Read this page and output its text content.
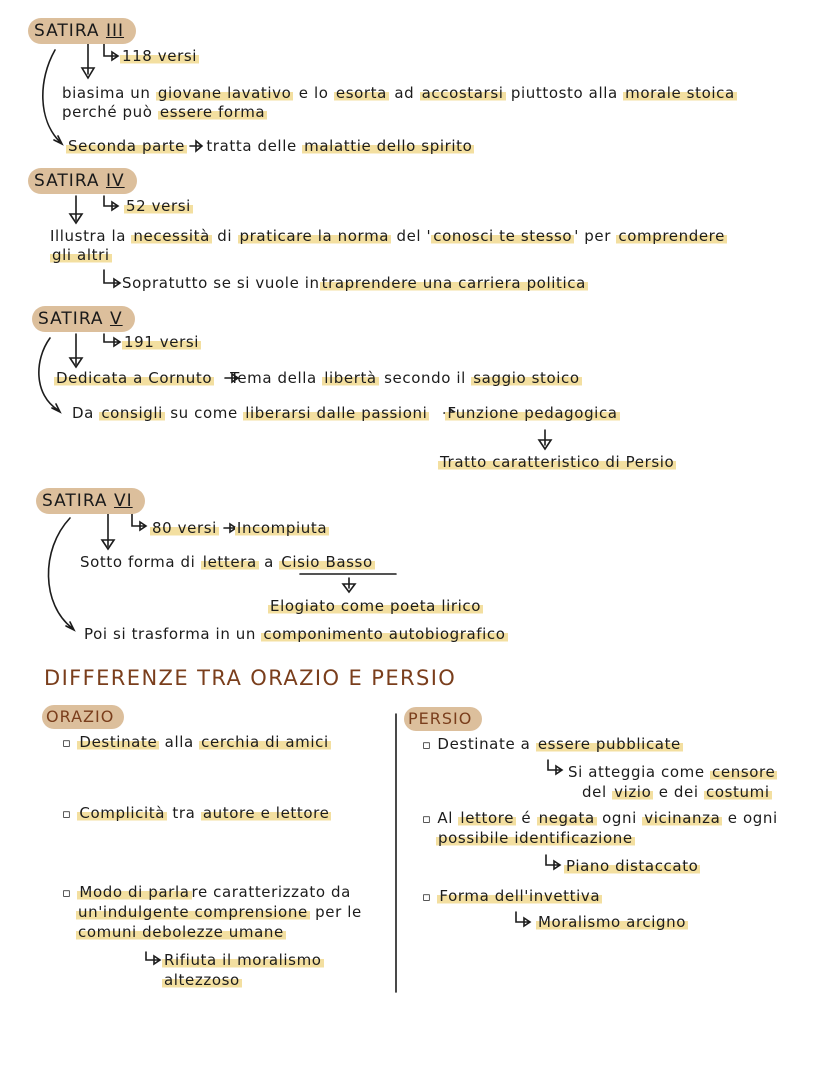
SATIRA III
118 versi
biasima un giovane lavativo e lo esorta ad accostarsi piuttosto alla morale stoica
perché può essere forma
Seconda parte tratta delle malattie dello spirito
SATIRA IV
52 versi
Illustra la necessità di praticare la norma del ' conosci te stesso ' per comprendere
gli altri
Sopratutto se si vuole in traprendere una carriera politica
SATIRA V
191 versi
Dedicata a Cornuto Tema della libertà secondo il saggio stoico
Da consigli su come liberarsi dalle passioni Funzione pedagogica
Tratto caratteristico di Persio
SATIRA VI
80 versi Incompiuta
Sotto forma di lettera a Cisio Basso
Elogiato come poeta lirico
Poi si trasforma in un componimento autobiografico
DIFFERENZE TRA ORAZIO E PERSIO
ORAZIO
▫ Destinate alla cerchia di amici
▫ Complicità tra autore e lettore
▫ Modo di parla re caratterizzato da
un'indulgente comprensione per le
comuni debolezze umane
Rifiuta il moralismo
altezzoso
PERSIO
▫ Destinate a essere pubblicate
Si atteggia come censore
del vizio e dei costumi
▫ Al lettore é negata ogni vicinanza e ogni
possibile identificazione
Piano distaccato
▫ Forma dell'invettiva
Moralismo arcigno
